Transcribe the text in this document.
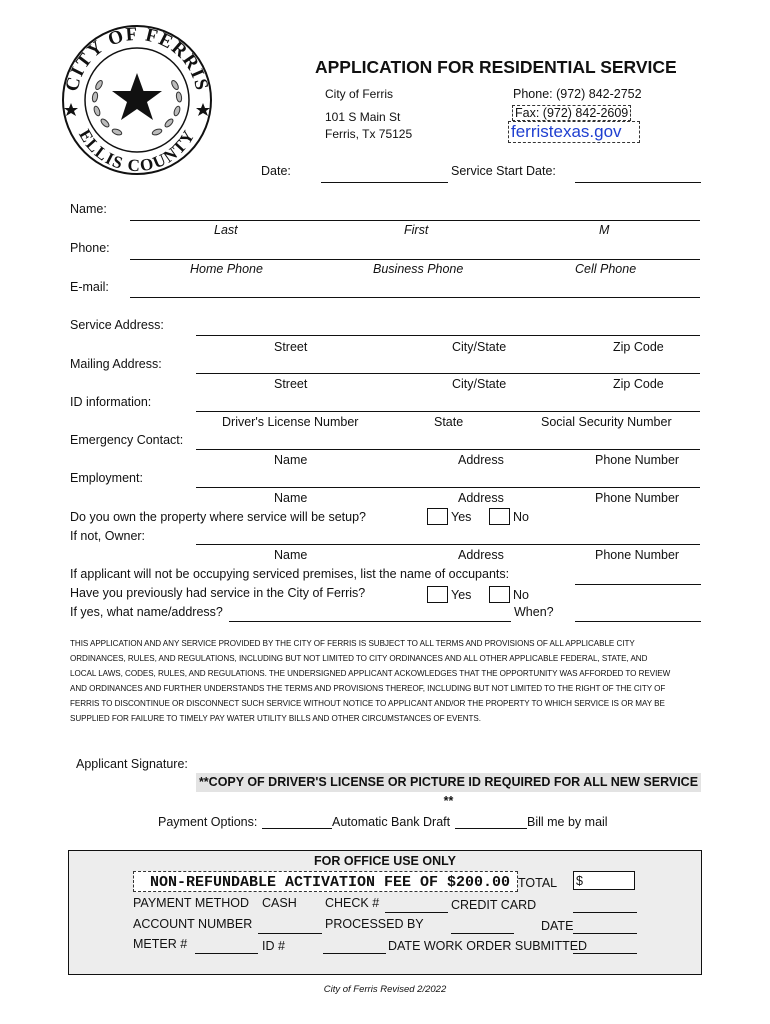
CITY OF FERRIS
ELLIS COUNTY
APPLICATION FOR RESIDENTIAL SERVICE
City of Ferris
101 S Main St
Ferris, Tx 75125
Phone: (972) 842-2752
Fax: (972) 842-2609
ferristexas.gov
Date:	Service Start Date:
Name:
Last	First	M
Phone:
Home Phone	Business Phone	Cell Phone
E-mail:
Service Address:
Street	City/State	Zip Code
Mailing Address:
Street	City/State	Zip Code
ID information:
Driver's License Number	State	Social Security Number
Emergency Contact:
Name	Address	Phone Number
Employment:
Name	Address	Phone Number
Do you own the property where service will be setup?	Yes	No
If not, Owner:
Name	Address	Phone Number
If applicant will not be occupying serviced premises, list the name of occupants:
Have you previously had service in the City of Ferris?	Yes	No
If yes, what name/address?	When?
THIS APPLICATION AND ANY SERVICE PROVIDED BY THE CITY OF FERRIS IS SUBJECT TO ALL TERMS AND PROVISIONS OF ALL APPLICABLE CITY
ORDINANCES, RULES, AND REGULATIONS, INCLUDING BUT NOT LIMITED TO CITY ORDINANCES AND ALL OTHER APPLICABLE FEDERAL, STATE, AND
LOCAL LAWS, CODES, RULES, AND REGULATIONS. THE UNDERSIGNED APPLICANT ACKOWLEDGES THAT THE OPPORTUNITY WAS AFFORDED TO REVIEW
AND ORDINANCES AND FURTHER UNDERSTANDS THE TERMS AND PROVISIONS THEREOF, INCLUDING BUT NOT LIMITED TO THE RIGHT OF THE CITY OF
FERRIS TO DISCONTINUE OR DISCONNECT SUCH SERVICE WITHOUT NOTICE TO APPLICANT AND/OR THE PROPERTY TO WHICH SERVICE IS OR MAY BE
SUPPLIED FOR FAILURE TO TIMELY PAY WATER UTILITY BILLS AND OTHER CIRCUMSTANCES OF EVENTS.
Applicant Signature:
**COPY OF DRIVER'S LICENSE OR PICTURE ID REQUIRED FOR ALL NEW SERVICE **
Payment Options:	Automatic Bank Draft	Bill me by mail
FOR OFFICE USE ONLY
NON-REFUNDABLE ACTIVATION FEE OF $200.00 TOTAL $
PAYMENT METHOD CASH CHECK #	CREDIT CARD
ACCOUNT NUMBER	PROCESSED BY	DATE
METER #	ID #	DATE WORK ORDER SUBMITTED
City of Ferris Revised 2/2022
